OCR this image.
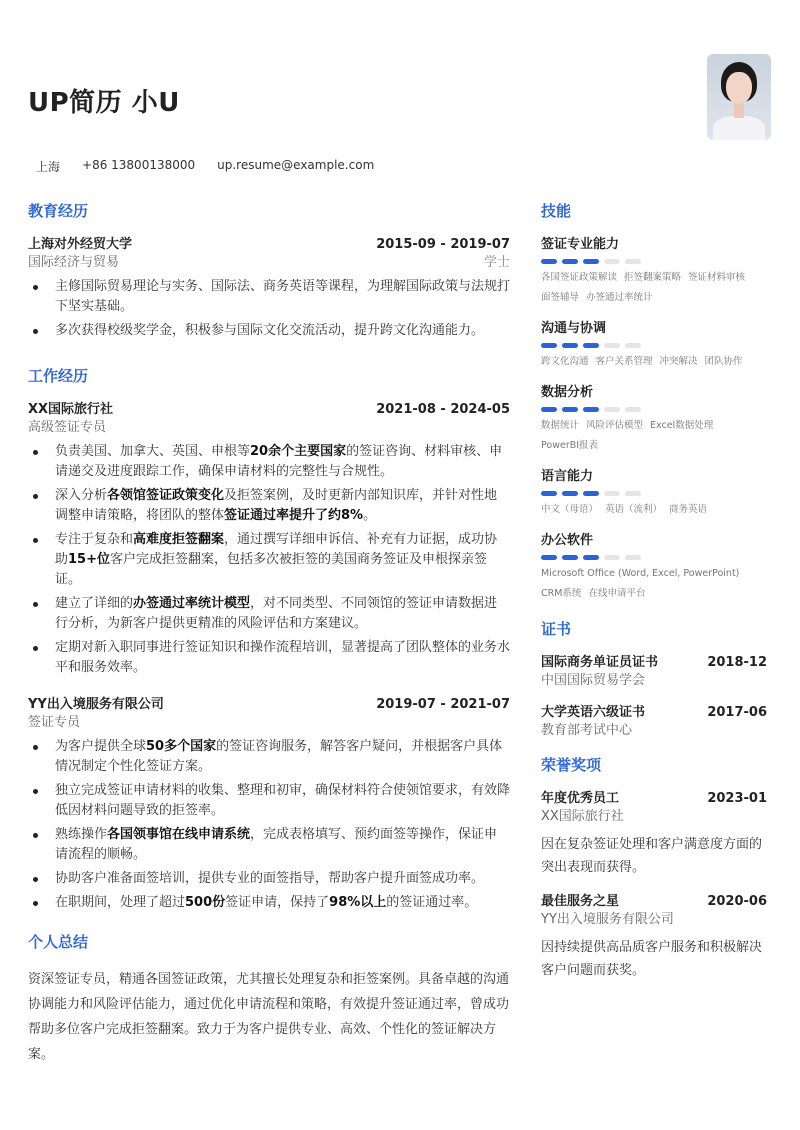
UP简历 小U
上海 +86 13800138000 up.resume@example.com
教育经历
上海对外经贸大学	2015-09 - 2019-07
国际经济与贸易	学士
主修国际贸易理论与实务、国际法、商务英语等课程，为理解国际政策与法规打下坚实基础。
多次获得校级奖学金，积极参与国际文化交流活动，提升跨文化沟通能力。
工作经历
XX国际旅行社	2021-08 - 2024-05
高级签证专员
负责美国、加拿大、英国、申根等20余个主要国家的签证咨询、材料审核、申请递交及进度跟踪工作，确保申请材料的完整性与合规性。
深入分析各领馆签证政策变化及拒签案例，及时更新内部知识库，并针对性地调整申请策略，将团队的整体签证通过率提升了约8%。
专注于复杂和高难度拒签翻案，通过撰写详细申诉信、补充有力证据，成功协助15+位客户完成拒签翻案，包括多次被拒签的美国商务签证及申根探亲签证。
建立了详细的办签通过率统计模型，对不同类型、不同领馆的签证申请数据进行分析，为新客户提供更精准的风险评估和方案建议。
定期对新入职同事进行签证知识和操作流程培训，显著提高了团队整体的业务水平和服务效率。
YY出入境服务有限公司	2019-07 - 2021-07
签证专员
为客户提供全球50多个国家的签证咨询服务，解答客户疑问，并根据客户具体情况制定个性化签证方案。
独立完成签证申请材料的收集、整理和初审，确保材料符合使领馆要求，有效降低因材料问题导致的拒签率。
熟练操作各国领事馆在线申请系统，完成表格填写、预约面签等操作，保证申请流程的顺畅。
协助客户准备面签培训，提供专业的面签指导，帮助客户提升面签成功率。
在职期间，处理了超过500份签证申请，保持了98%以上的签证通过率。
个人总结
资深签证专员，精通各国签证政策，尤其擅长处理复杂和拒签案例。具备卓越的沟通协调能力和风险评估能力，通过优化申请流程和策略，有效提升签证通过率，曾成功帮助多位客户完成拒签翻案。致力于为客户提供专业、高效、个性化的签证解决方案。
技能
签证专业能力
各国签证政策解读 拒签翻案策略 签证材料审核
面签辅导 办签通过率统计
沟通与协调
跨文化沟通 客户关系管理 冲突解决 团队协作
数据分析
数据统计 风险评估模型 Excel数据处理
PowerBI报表
语言能力
中文（母语） 英语（流利） 商务英语
办公软件
Microsoft Office (Word, Excel, PowerPoint)
CRM系统 在线申请平台
证书
国际商务单证员证书	2018-12
中国国际贸易学会
大学英语六级证书	2017-06
教育部考试中心
荣誉奖项
年度优秀员工	2023-01
XX国际旅行社
因在复杂签证处理和客户满意度方面的突出表现而获得。
最佳服务之星	2020-06
YY出入境服务有限公司
因持续提供高品质客户服务和积极解决客户问题而获奖。
